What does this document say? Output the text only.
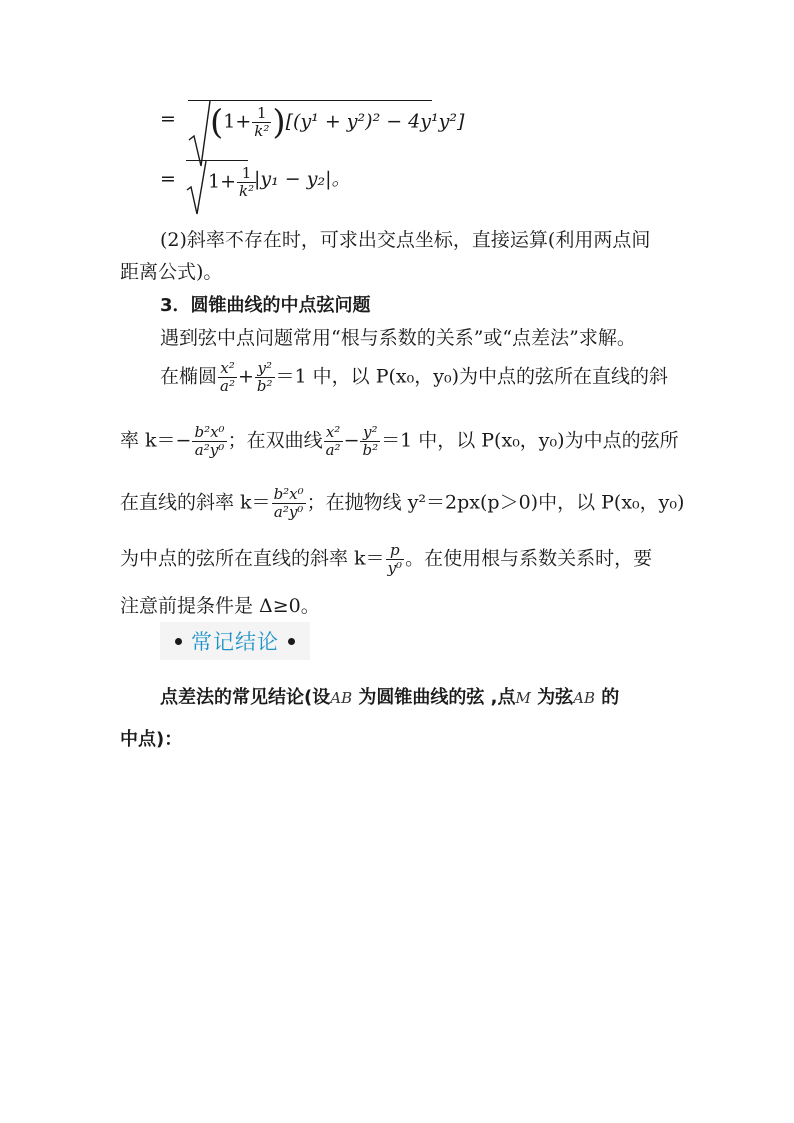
= $(1+ \frac{1}{\text{k²}} )[(y^1 + y^2)^2 - 4y^1y^2]$
= $1+ \frac{1}{\text{k²}}$
|y₁ − y₂|。
(2)斜率不存在时，可求出交点坐标，直接运算(利用两点间
距离公式)。
3．圆锥曲线的中点弦问题
遇到弦中点问题常用“根与系数的关系”或“点差法”求解。
在椭圆 $\frac{\text{x²}}{\text{a²}} + \frac{\text{y²}}{\text{b²}} =1$ 中，以 P(x₀，y₀)为中点的弦所在直线的斜
率 $k=- \frac{\text{b²x⁰}}{\text{a²y⁰}}$ ；在双曲线 $\frac{\text{x²}}{\text{a²}} - \frac{\text{y²}}{\text{b²}} =1$ 中，以 P(x₀，y₀)为中点的弦所
在直线的斜率 $k= \frac{\text{b²x⁰}}{\text{a²y⁰}}$ ；在抛物线 y²＝2px(p＞0)中，以 P(x₀，y₀)
为中点的弦所在直线的斜率 $k= \frac{p}{\text{y⁰}}$ 。在使用根与系数关系时，要
注意前提条件是 Δ≥0。
常记结论
点差法的常见结论(设AB 为圆锥曲线的弦 ,点M 为弦AB 的
中点)：
